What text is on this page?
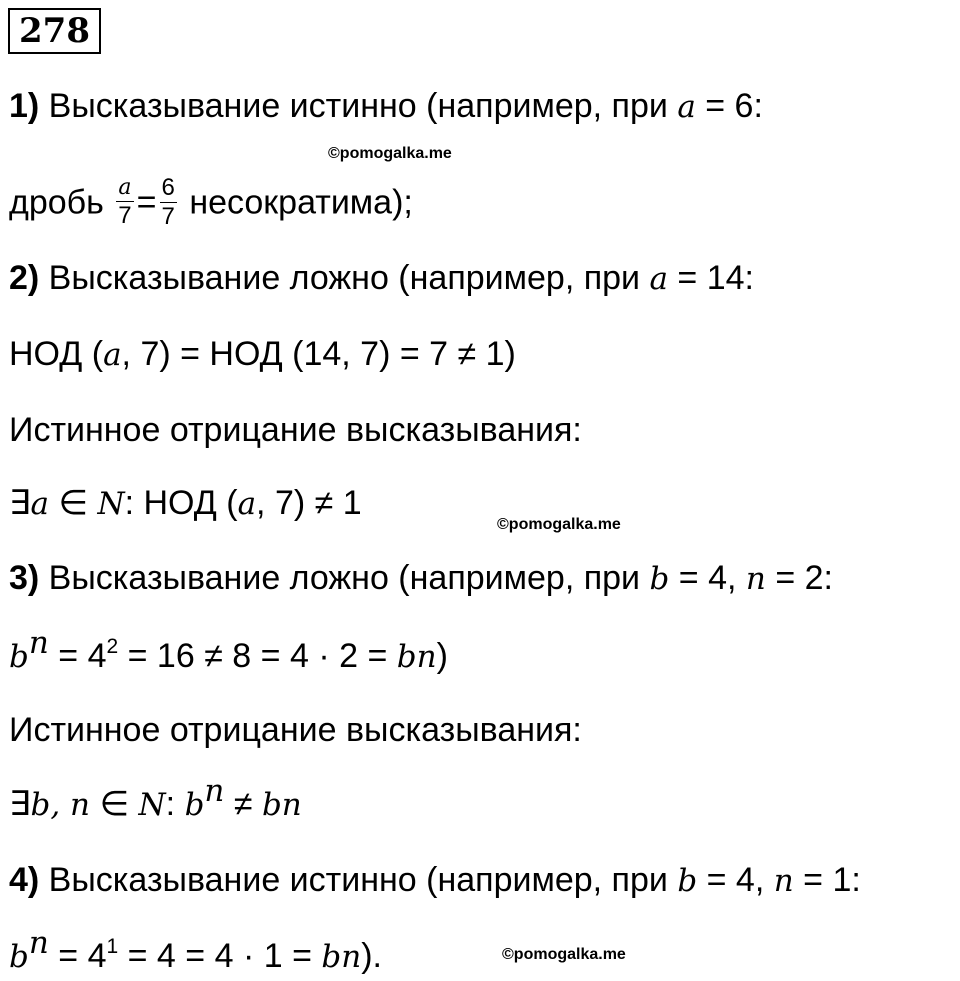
278
1) Высказывание истинно (например, при a = 6:
дробь $\frac{a}{7} = \frac{6}{7}$ несократима);
2) Высказывание ложно (например, при a = 14:
НОД (a, 7) = НОД (14, 7) = 7 ≠ 1)
Истинное отрицание высказывания:
∃a ∈ N: НОД (a, 7) ≠ 1
3) Высказывание ложно (например, при b = 4, n = 2:
$b^n = 4^2 = 16 \ne 8 = 4 \cdot 2 = bn$)
Истинное отрицание высказывания:
∃b, n ∈ N: $b^n$ ≠ bn
4) Высказывание истинно (например, при b = 4, n = 1:
$b^n = 4^1 = 4 = 4 \cdot 1 = bn$).
©pomogalka.me
©pomogalka.me
©pomogalka.me
